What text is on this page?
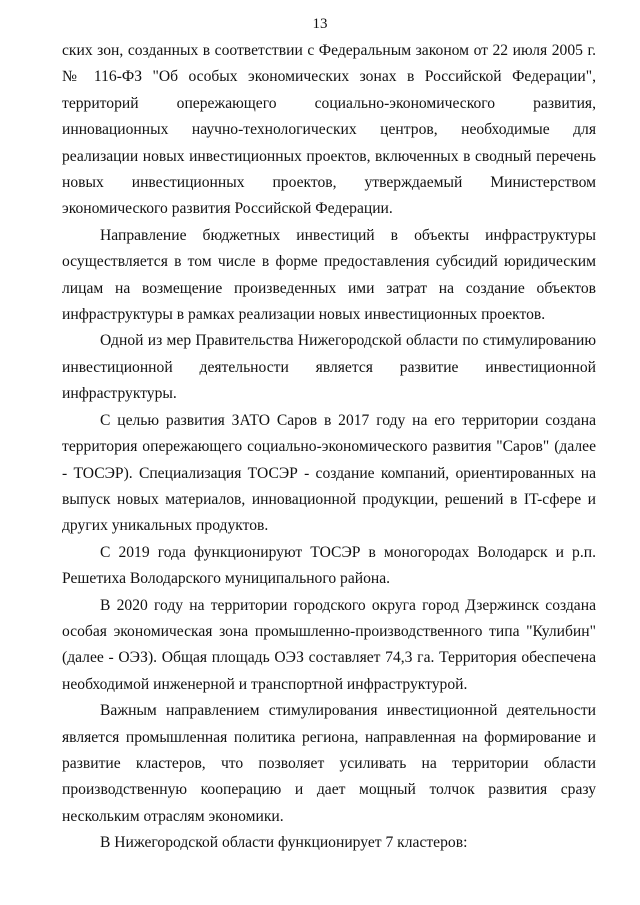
13

ских зон, созданных в соответствии с Федеральным законом от 22 июля 2005 г. № 116-ФЗ "Об особых экономических зонах в Российской Федерации", территорий опережающего социально-экономического развития, инновационных научно-технологических центров, необходимые для реализации новых инвестиционных проектов, включенных в сводный перечень новых инвестиционных проектов, утверждаемый Министерством экономического развития Российской Федерации.

Направление бюджетных инвестиций в объекты инфраструктуры осуществляется в том числе в форме предоставления субсидий юридическим лицам на возмещение произведенных ими затрат на создание объектов инфраструктуры в рамках реализации новых инвестиционных проектов.

Одной из мер Правительства Нижегородской области по стимулированию инвестиционной деятельности является развитие инвестиционной инфраструктуры.

С целью развития ЗАТО Саров в 2017 году на его территории создана территория опережающего социально-экономического развития "Саров" (далее - ТОСЭР). Специализация ТОСЭР - создание компаний, ориентированных на выпуск новых материалов, инновационной продукции, решений в IT-сфере и других уникальных продуктов.

С 2019 года функционируют ТОСЭР в моногородах Володарск и р.п. Решетиха Володарского муниципального района.

В 2020 году на территории городского округа город Дзержинск создана особая экономическая зона промышленно-производственного типа "Кулибин" (далее - ОЭЗ). Общая площадь ОЭЗ составляет 74,3 га. Территория обеспечена необходимой инженерной и транспортной инфраструктурой.

Важным направлением стимулирования инвестиционной деятельности является промышленная политика региона, направленная на формирование и развитие кластеров, что позволяет усиливать на территории области производственную кооперацию и дает мощный толчок развития сразу нескольким отраслям экономики.

В Нижегородской области функционирует 7 кластеров:
